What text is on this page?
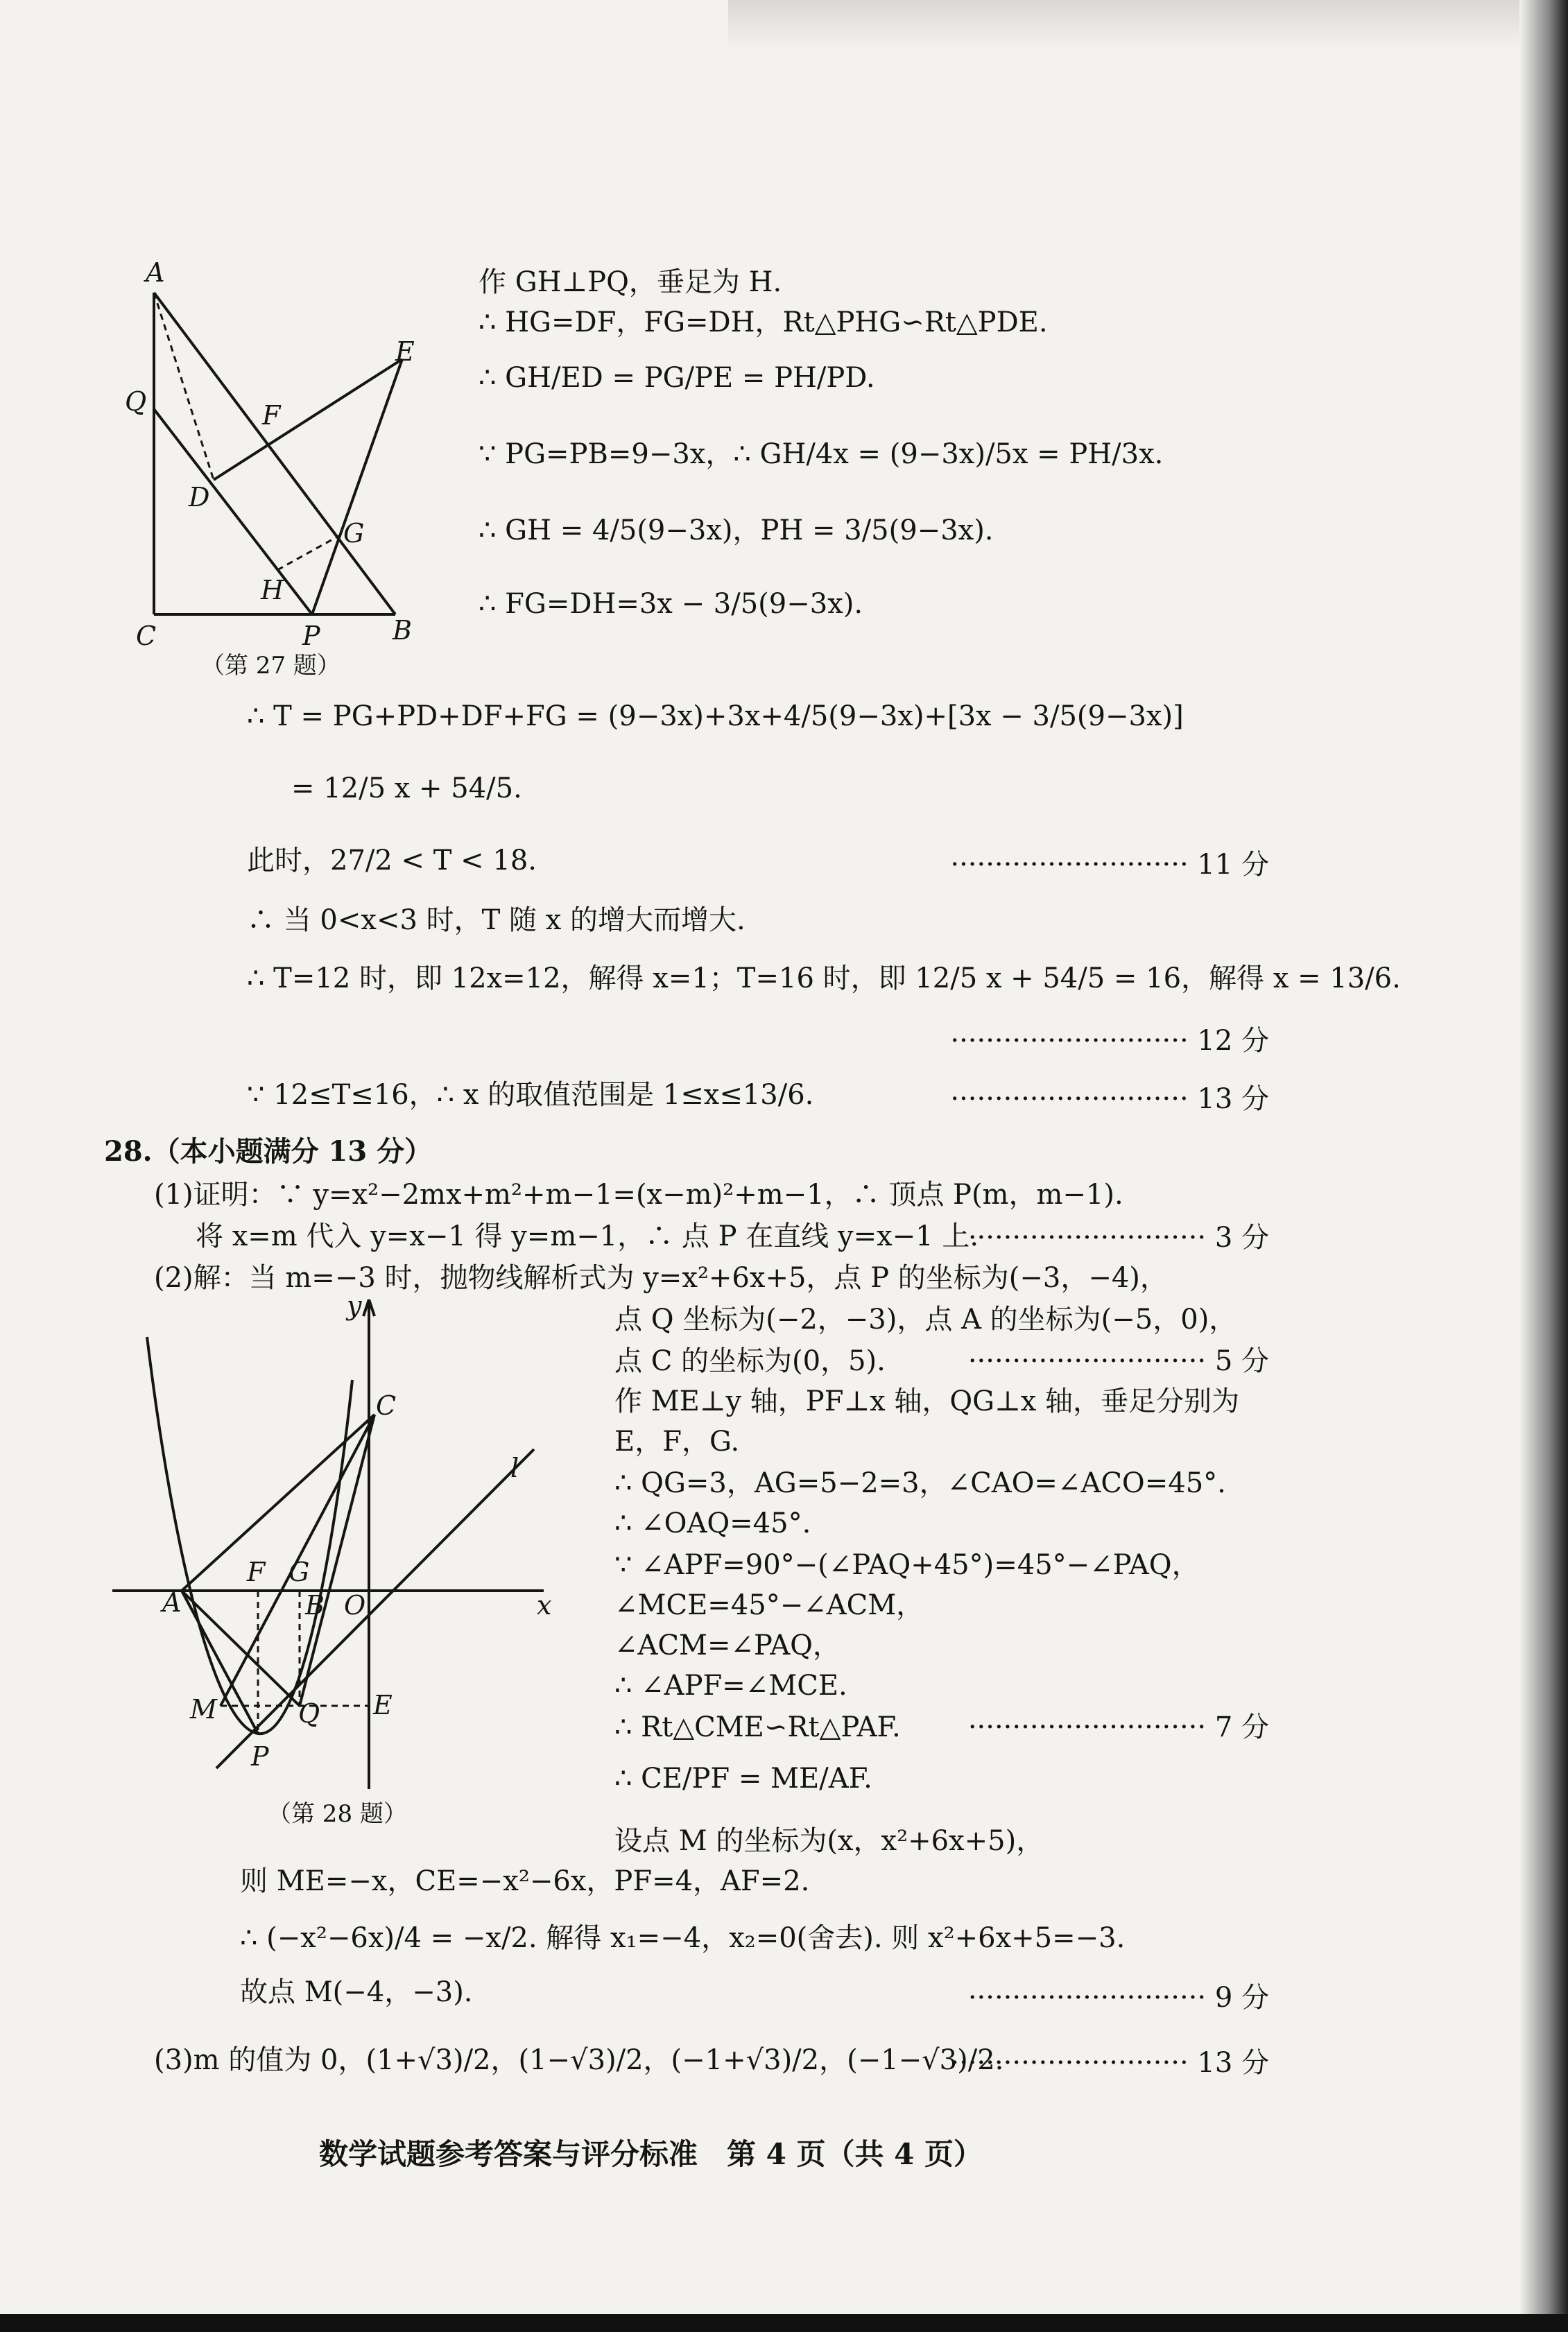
A
Q
E
F
D
G
H
C	P	B
（第 27 题）
作 GH⊥PQ，垂足为 H.
∴ HG=DF，FG=DH，Rt△PHG∽Rt△PDE.
∴ GH/ED = PG/PE = PH/PD.
∵ PG=PB=9−3x，∴ GH/4x = (9−3x)/5x = PH/3x.
∴ GH = 4/5(9−3x)，PH = 3/5(9−3x).
∴ FG=DH=3x − 3/5(9−3x).
∴ T = PG+PD+DF+FG = (9−3x)+3x+4/5(9−3x)+[3x − 3/5(9−3x)]
= 12/5 x + 54/5.
此时，27/2 < T < 18.	··························· 11 分
∴ 当 0<x<3 时，T 随 x 的增大而增大.
∴ T=12 时，即 12x=12，解得 x=1；T=16 时，即 12/5 x + 54/5 = 16，解得 x = 13/6.
··························· 12 分
∵ 12≤T≤16，∴ x 的取值范围是 1≤x≤13/6.	··························· 13 分
28.（本小题满分 13 分）
(1)证明：∵ y=x²−2mx+m²+m−1=(x−m)²+m−1，∴ 顶点 P(m，m−1).
将 x=m 代入 y=x−1 得 y=m−1，∴ 点 P 在直线 y=x−1 上.
··························· 3 分
(2)解：当 m=−3 时，抛物线解析式为 y=x²+6x+5，点 P 的坐标为(−3，−4)，
y
C
l
F G
A	B O	x
M	Q E
P
（第 28 题）
点 Q 坐标为(−2，−3)，点 A 的坐标为(−5，0)，
点 C 的坐标为(0，5).	··························· 5 分
作 ME⊥y 轴，PF⊥x 轴，QG⊥x 轴，垂足分别为
E，F，G.
∴ QG=3，AG=5−2=3，∠CAO=∠ACO=45°.
∴ ∠OAQ=45°.
∵ ∠APF=90°−(∠PAQ+45°)=45°−∠PAQ，
∠MCE=45°−∠ACM，
∠ACM=∠PAQ，
∴ ∠APF=∠MCE.
∴ Rt△CME∽Rt△PAF.	··························· 7 分
∴ CE/PF = ME/AF.
设点 M 的坐标为(x，x²+6x+5)，
则 ME=−x，CE=−x²−6x，PF=4，AF=2.
∴ (−x²−6x)/4 = −x/2. 解得 x₁=−4，x₂=0(舍去). 则 x²+6x+5=−3.
故点 M(−4，−3).	··························· 9 分
(3)m 的值为 0，(1+√3)/2，(1−√3)/2，(−1+√3)/2，(−1−√3)/2.
··························· 13 分
数学试题参考答案与评分标准　第 4 页（共 4 页）
